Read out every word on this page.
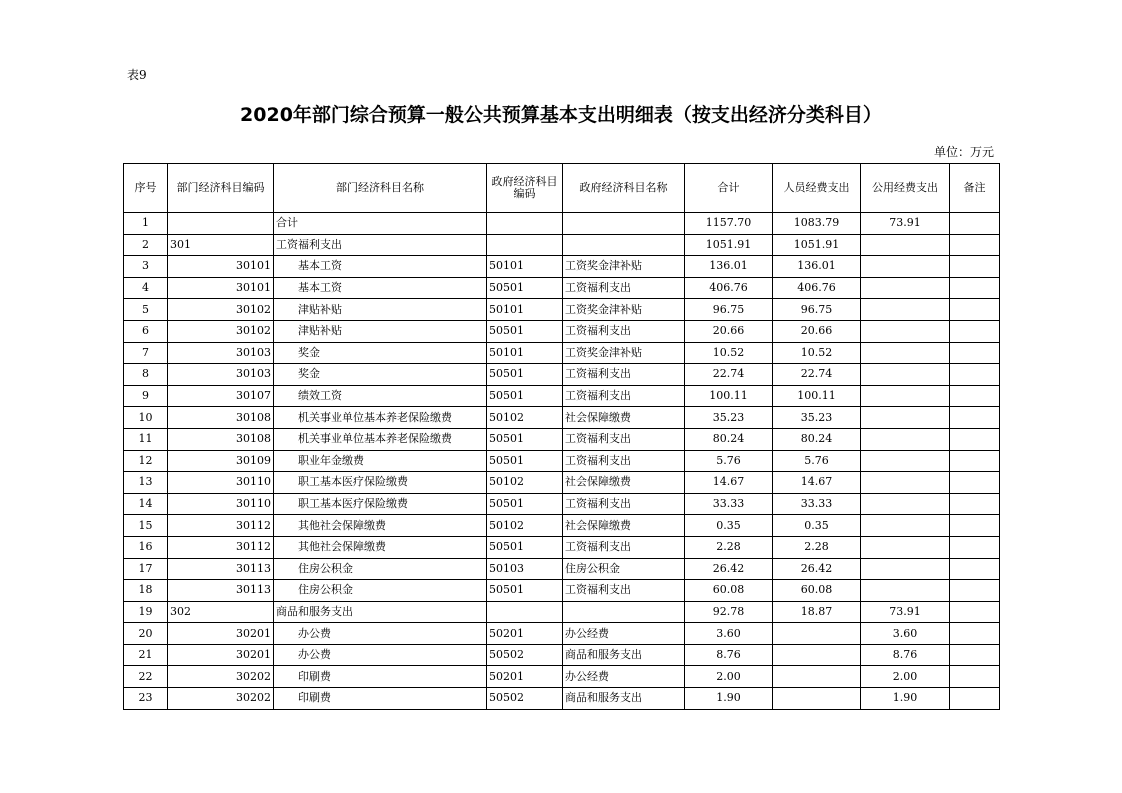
表9
2020年部门综合预算一般公共预算基本支出明细表（按支出经济分类科目）
单位：万元
序号	部门经济科目编码	部门经济科目名称	政府经济科目编码	政府经济科目名称	合计	人员经费支出	公用经费支出	备注
1		合计			1157.70	1083.79	73.91	
2	301	工资福利支出			1051.91	1051.91		
3	30101	基本工资	50101	工资奖金津补贴	136.01	136.01		
4	30101	基本工资	50501	工资福利支出	406.76	406.76		
5	30102	津贴补贴	50101	工资奖金津补贴	96.75	96.75		
6	30102	津贴补贴	50501	工资福利支出	20.66	20.66		
7	30103	奖金	50101	工资奖金津补贴	10.52	10.52		
8	30103	奖金	50501	工资福利支出	22.74	22.74		
9	30107	绩效工资	50501	工资福利支出	100.11	100.11		
10	30108	机关事业单位基本养老保险缴费	50102	社会保障缴费	35.23	35.23		
11	30108	机关事业单位基本养老保险缴费	50501	工资福利支出	80.24	80.24		
12	30109	职业年金缴费	50501	工资福利支出	5.76	5.76		
13	30110	职工基本医疗保险缴费	50102	社会保障缴费	14.67	14.67		
14	30110	职工基本医疗保险缴费	50501	工资福利支出	33.33	33.33		
15	30112	其他社会保障缴费	50102	社会保障缴费	0.35	0.35		
16	30112	其他社会保障缴费	50501	工资福利支出	2.28	2.28		
17	30113	住房公积金	50103	住房公积金	26.42	26.42		
18	30113	住房公积金	50501	工资福利支出	60.08	60.08		
19	302	商品和服务支出			92.78	18.87	73.91	
20	30201	办公费	50201	办公经费	3.60		3.60	
21	30201	办公费	50502	商品和服务支出	8.76		8.76	
22	30202	印刷费	50201	办公经费	2.00		2.00	
23	30202	印刷费	50502	商品和服务支出	1.90		1.90	
